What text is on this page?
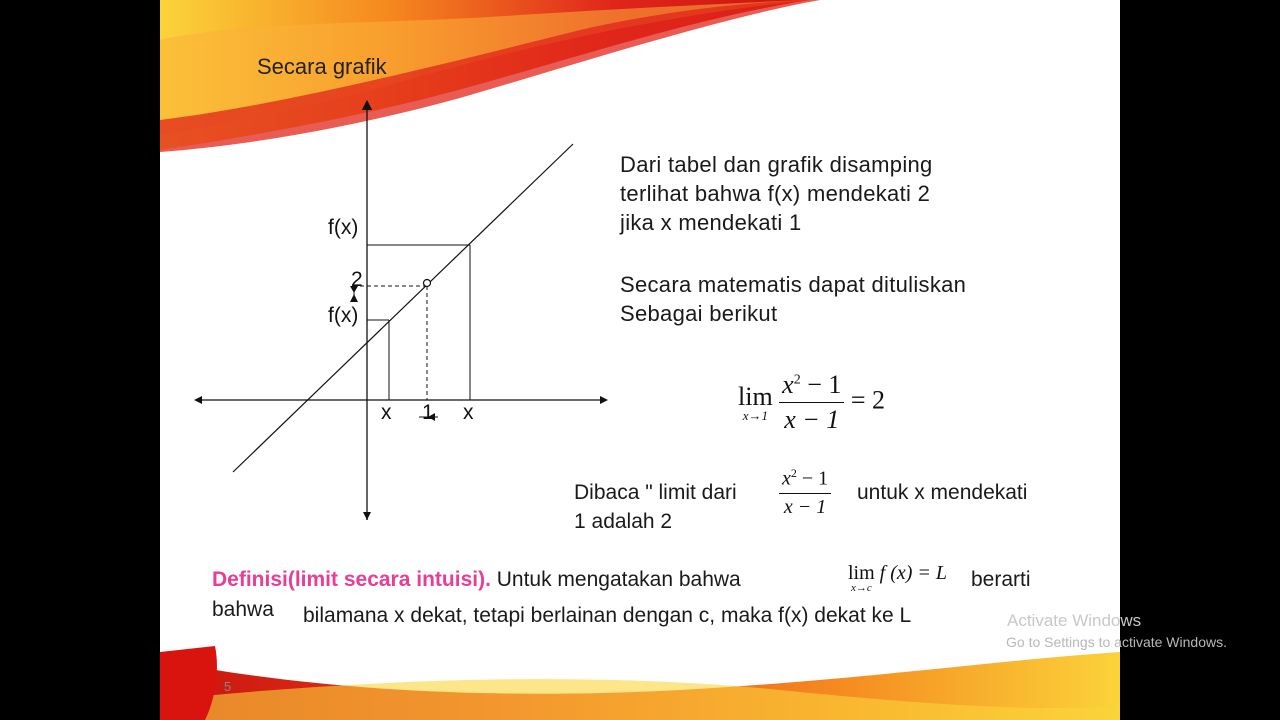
Secara grafik
f(x)
2
f(x)
x 1 x
Dari tabel dan grafik disamping
terlihat bahwa f(x) mendekati 2
jika x mendekati 1
Secara matematis dapat dituliskan
Sebagai berikut
lim
x→1
$\frac{x^2 - 1}{x - 1} = 2$
Dibaca " limit dari $\frac{x^2 - 1}{x - 1}$ untuk x mendekati
1 adalah 2
Definisi(limit secara intuisi). Untuk mengatakan bahwa	lim
x→c
f (x) = L berarti
bahwa bilamana x dekat, tetapi berlainan dengan c, maka f(x) dekat ke L
5
Activate Windows
Go to Settings to activate Windows.
